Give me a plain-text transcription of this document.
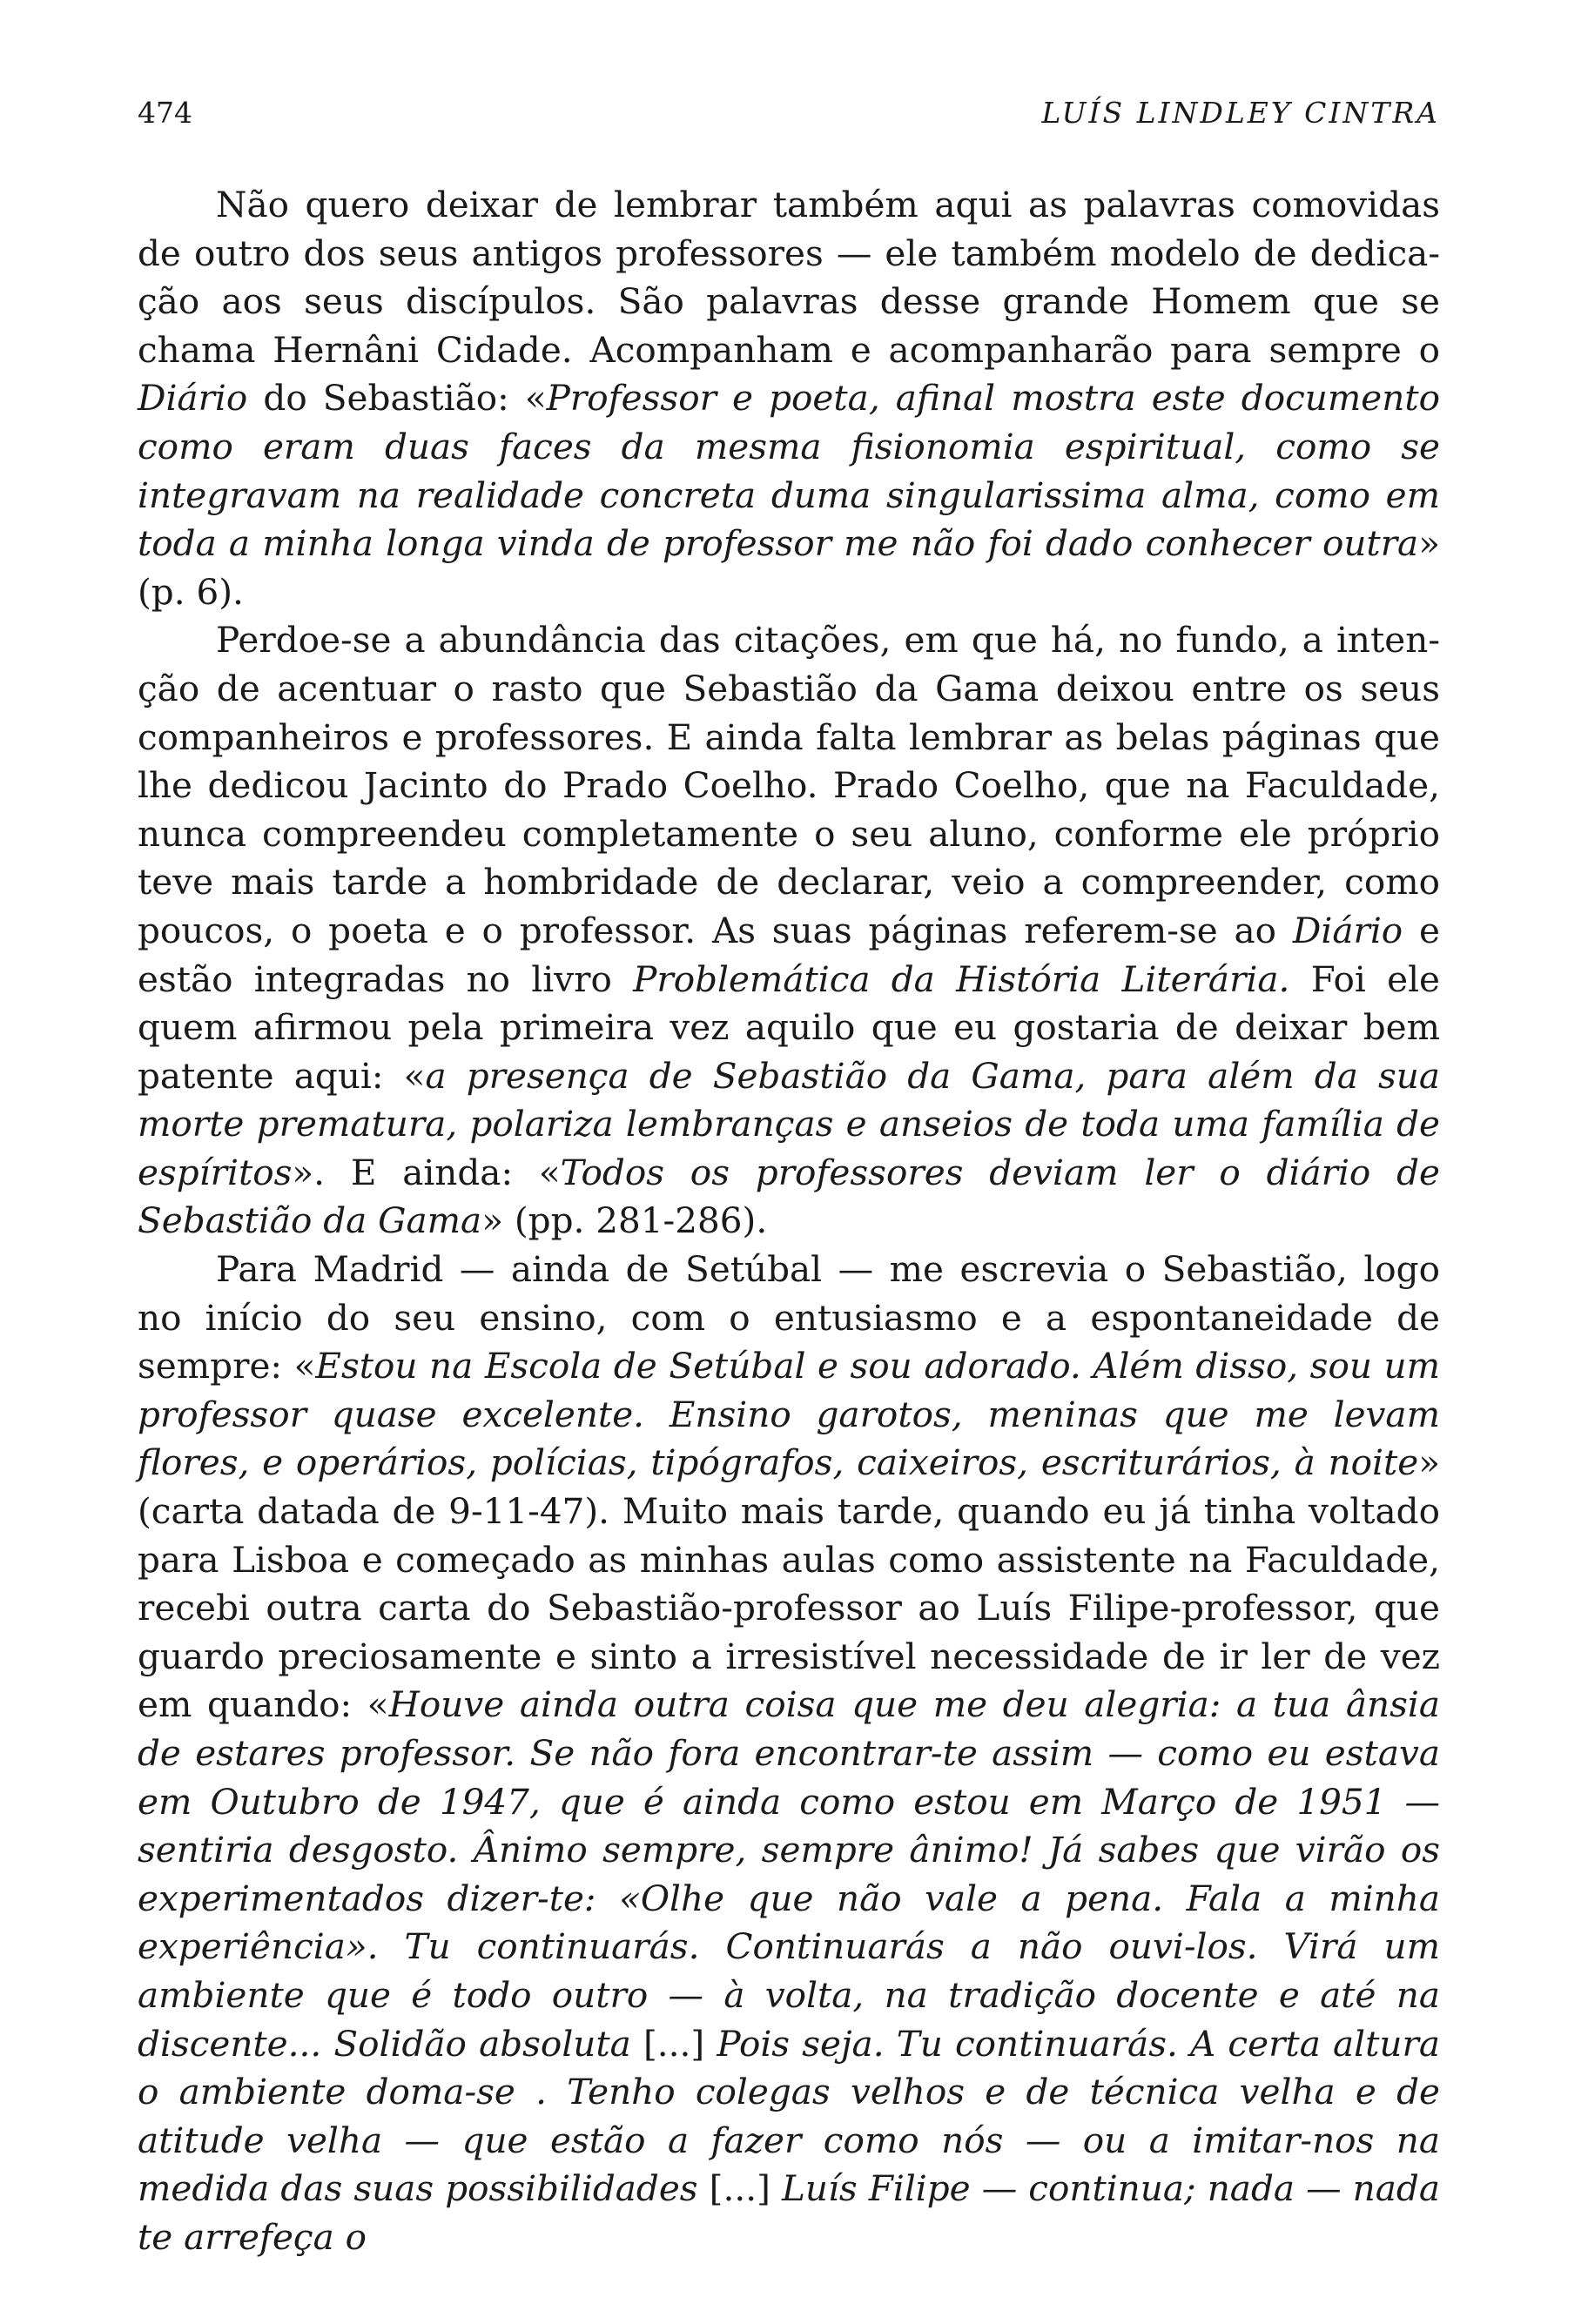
474	LUÍS LINDLEY CINTRA

Não quero deixar de lembrar também aqui as palavras comovidas de outro dos seus antigos professores — ele também modelo de dedicação aos seus discípulos. São palavras desse grande Homem que se chama Hernâni Cidade. Acompanham e acompanharão para sempre o Diário do Sebastião: «Professor e poeta, afinal mostra este documento como eram duas faces da mesma fisionomia espiritual, como se integravam na realidade concreta duma singularissima alma, como em toda a minha longa vinda de professor me não foi dado conhecer outra» (p. 6).

Perdoe-se a abundância das citações, em que há, no fundo, a intenção de acentuar o rasto que Sebastião da Gama deixou entre os seus companheiros e professores. E ainda falta lembrar as belas páginas que lhe dedicou Jacinto do Prado Coelho. Prado Coelho, que na Faculdade, nunca compreendeu completamente o seu aluno, conforme ele próprio teve mais tarde a hombridade de declarar, veio a compreender, como poucos, o poeta e o professor. As suas páginas referem-se ao Diário e estão integradas no livro Problemática da História Literária. Foi ele quem afirmou pela primeira vez aquilo que eu gostaria de deixar bem patente aqui: «a presença de Sebastião da Gama, para além da sua morte prematura, polariza lembranças e anseios de toda uma família de espíritos». E ainda: «Todos os professores deviam ler o diário de Sebastião da Gama» (pp. 281-286).

Para Madrid — ainda de Setúbal — me escrevia o Sebastião, logo no início do seu ensino, com o entusiasmo e a espontaneidade de sempre: «Estou na Escola de Setúbal e sou adorado. Além disso, sou um professor quase excelente. Ensino garotos, meninas que me levam flores, e operários, polícias, tipógrafos, caixeiros, escriturários, à noite» (carta datada de 9-11-47). Muito mais tarde, quando eu já tinha voltado para Lisboa e começado as minhas aulas como assistente na Faculdade, recebi outra carta do Sebastião-professor ao Luís Filipe-professor, que guardo preciosamente e sinto a irresistível necessidade de ir ler de vez em quando: «Houve ainda outra coisa que me deu alegria: a tua ânsia de estares professor. Se não fora encontrar-te assim — como eu estava em Outubro de 1947, que é ainda como estou em Março de 1951 — sentiria desgosto. Ânimo sempre, sempre ânimo! Já sabes que virão os experimentados dizer-te: «Olhe que não vale a pena. Fala a minha experiência». Tu continuarás. Continuarás a não ouvi-los. Virá um ambiente que é todo outro — à volta, na tradição docente e até na discente... Solidão absoluta [...] Pois seja. Tu continuarás. A certa altura o ambiente doma-se . Tenho colegas velhos e de técnica velha e de atitude velha — que estão a fazer como nós — ou a imitar-nos na medida das suas possibilidades [...] Luís Filipe — continua; nada — nada te arrefeça o
